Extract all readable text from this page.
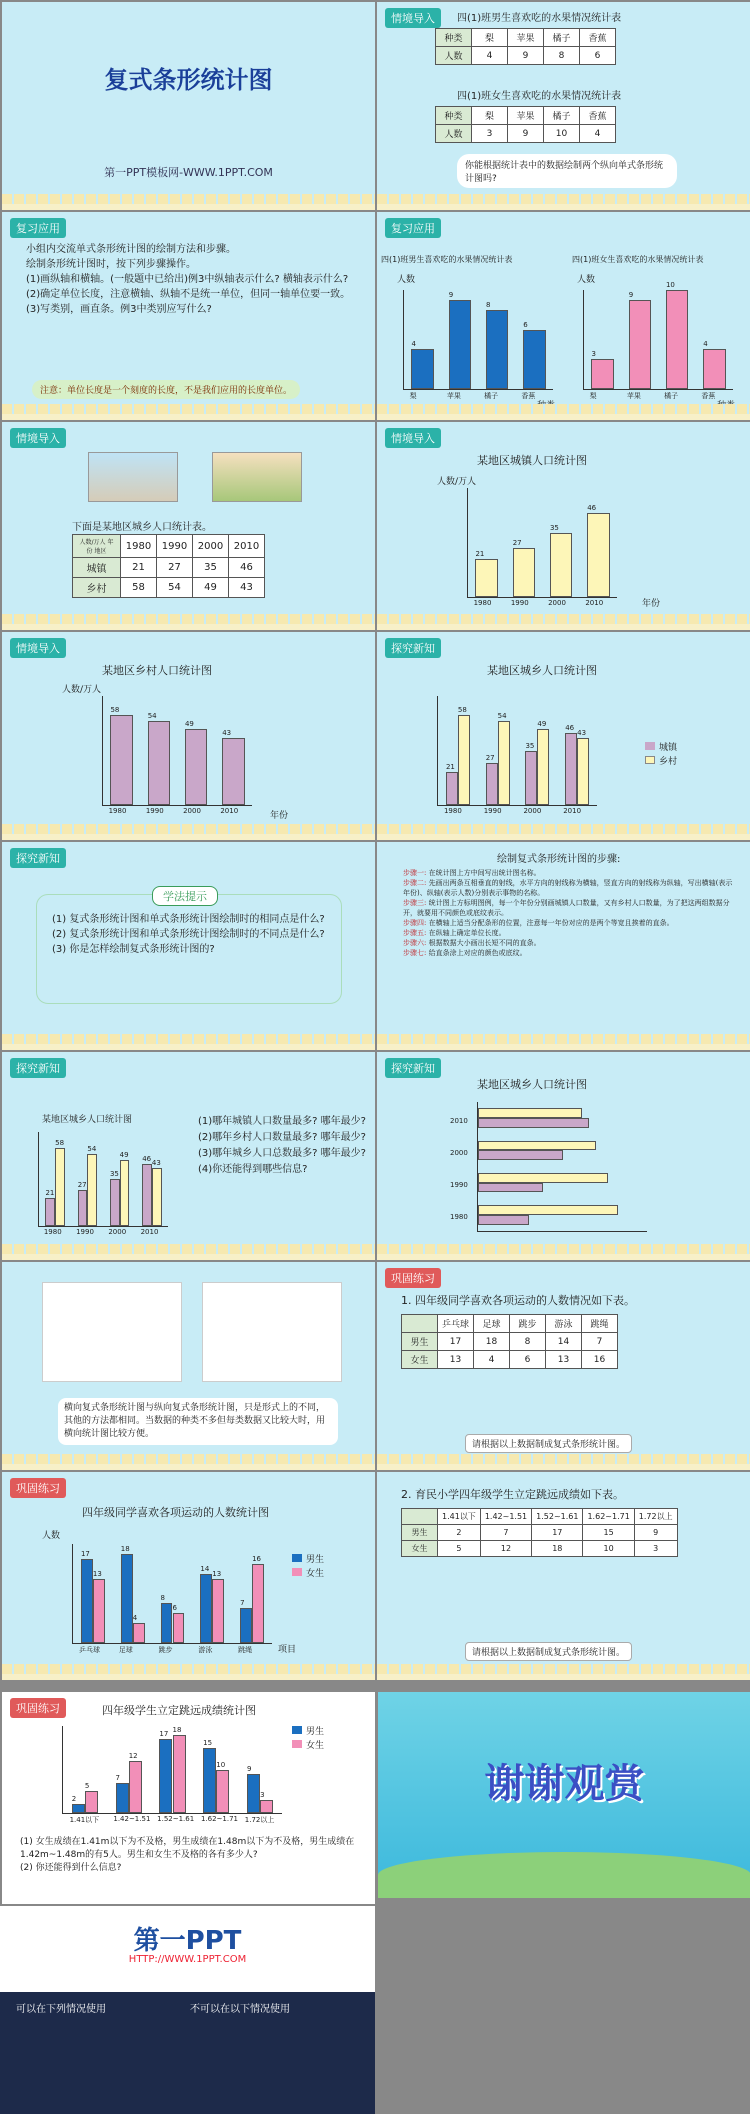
复式条形统计图
第一PPT模板网-WWW.1PPT.COM
情境导入	四(1)班男生喜欢吃的水果情况统计表
种类	梨	苹果	橘子	香蕉
人数	4	9	8	6
四(1)班女生喜欢吃的水果情况统计表
种类	梨	苹果	橘子	香蕉
人数	3	9	10	4
你能根据统计表中的数据绘制两个纵向单式条形统计图吗?
复习应用
小组内交流单式条形统计图的绘制方法和步骤。
绘制条形统计图时，按下列步骤操作。
(1)画纵轴和横轴。(一般题中已给出)例3中纵轴表示什么? 横轴表示什么?
(2)确定单位长度，注意横轴、纵轴不是统一单位，但同一轴单位要一致。
(3)写类别，画直条。例3中类别应写什么?
注意：单位长度是一个刻度的长度，不是我们应用的长度单位。
复习应用
四(1)班男生喜欢吃的水果情况统计表	四(1)班女生喜欢吃的水果情况统计表
人数	人数
4
9
8
6
梨	苹果	橘子	香蕉
3
9
10
4
梨	苹果	橘子	香蕉
情境导入
下面是某地区城乡人口统计表。
人数/万人 年份 地区	1980	1990	2000	2010
城镇	21	27	35	46
乡村	58	54	49	43
情境导入
某地区城镇人口统计图
人数/万人
21
27
35
46
1980	1990	2000	2010	年份
情境导入
某地区乡村人口统计图
人数/万人
58
54
49
43
1980	1990	2000	2010	年份
探究新知
某地区城乡人口统计图
21
27
35
46
58
54
49
43
1980	1990	2000	2010
城镇
乡村
探究新知
学法提示
(1) 复式条形统计图和单式条形统计图绘制时的相同点是什么?
(2) 复式条形统计图和单式条形统计图绘制时的不同点是什么?
(3) 你是怎样绘制复式条形统计图的?
绘制复式条形统计图的步骤:
步骤一: 在统计图上方中间写出统计图名称。
步骤二: 先画出两条互相垂直的射线，水平方向的射线称为横轴，竖直方向的射线称为纵轴，写出横轴(表示年份)、纵轴(表示人数)分别表示事物的名称。
步骤三: 统计图上方标明图例，每一个年份分别画城镇人口数量，又有乡村人口数量，为了把这两组数据分开，就要用不同颜色或底纹表示。
步骤四: 在横轴上适当分配条形的位置，注意每一年份对应的是两个等宽且挨着的直条。
步骤五: 在纵轴上确定单位长度。
步骤六: 根据数据大小画出长短不同的直条。
步骤七: 给直条涂上对应的颜色或底纹。
探究新知
某地区城乡人口统计图
21
27
35
46
58
54
49
43
1980 1990 2000 2010
(1)哪年城镇人口数量最多? 哪年最少?
(2)哪年乡村人口数量最多? 哪年最少?
(3)哪年城乡人口总数最多? 哪年最少?
(4)你还能得到哪些信息?
探究新知
某地区城乡人口统计图
1980
1990
2000
2010
横向复式条形统计图与纵向复式条形统计图，只是形式上的不同，其他的方法都相同。当数据的种类不多但每类数据又比较大时，用横向统计图比较方便。
巩固练习
1. 四年级同学喜欢各项运动的人数情况如下表。
	乒乓球	足球	跳步	游泳	跳绳
男生	17	18	8	14	7
女生	13	4	6	13	16
请根据以上数据制成复式条形统计图。
巩固练习
四年级同学喜欢各项运动的人数统计图
人数
17
18
8
14
7
13
4
6
13
16
乒乓球	足球	跳步	游泳	跳绳	项目
男生
女生
2. 育民小学四年级学生立定跳远成绩如下表。
	1.41以下	1.42~1.51	1.52~1.61	1.62~1.71	1.72以上
男生	2	7	17	15	9
女生	5	12	18	10	3
请根据以上数据制成复式条形统计图。
巩固练习	四年级学生立定跳远成绩统计图
2
7
17
15
9
5
12
18
10
3
1.41以下 1.42~1.51 1.52~1.61 1.62~1.71 1.72以上
男生
女生
(1) 女生成绩在1.41m以下为不及格，男生成绩在1.48m以下为不及格，男生成绩在1.42m~1.48m的有5人。男生和女生不及格的各有多少人?
(2) 你还能得到什么信息?
谢谢观赏
第一PPT
HTTP://WWW.1PPT.COM
可以在下列情况使用	不可以在以下情况使用
